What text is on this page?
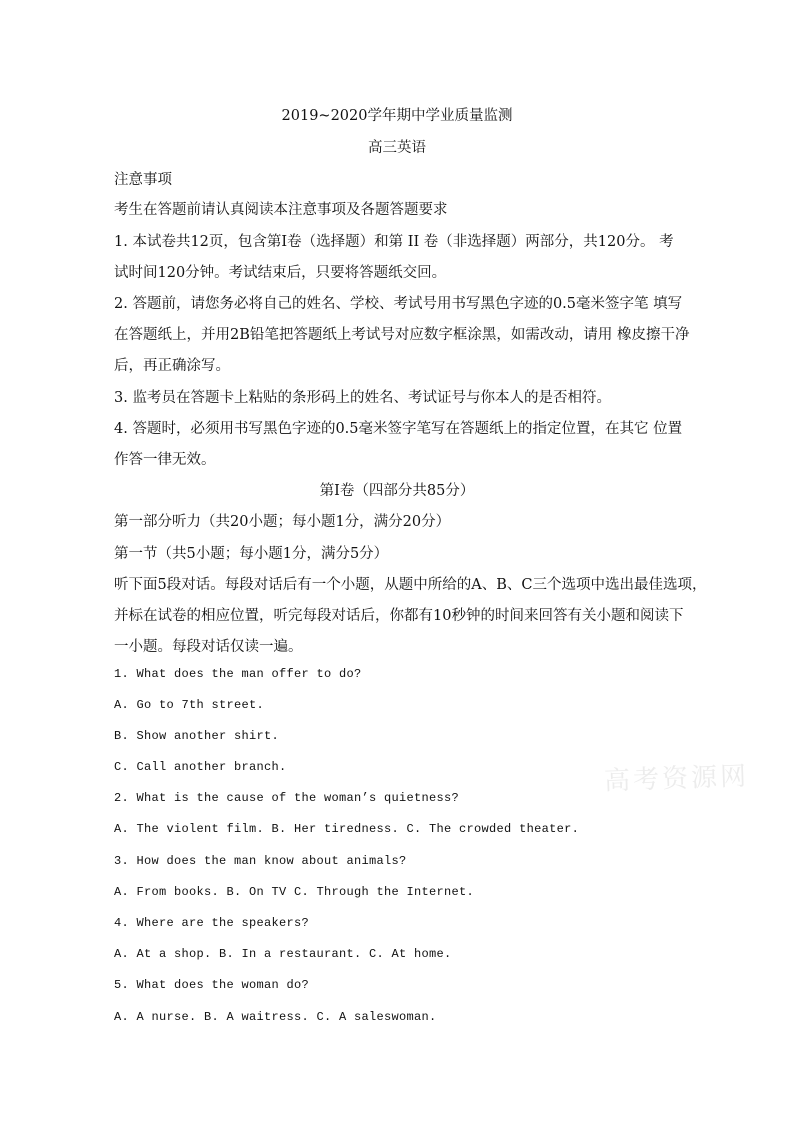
2019~2020学年期中学业质量监测
高三英语
注意事项
考生在答题前请认真阅读本注意事项及各题答题要求
1. 本试卷共12页，包含第Ⅰ卷（选择题）和第 II 卷（非选择题）两部分，共120分。 考
试时间120分钟。考试结束后，只要将答题纸交回。
2. 答题前，请您务必将自己的姓名、学校、考试号用书写黑色字迹的0.5毫米签字笔 填写
在答题纸上，并用2B铅笔把答题纸上考试号对应数字框涂黑，如需改动，请用 橡皮擦干净
后，再正确涂写。
3. 监考员在答题卡上粘贴的条形码上的姓名、考试证号与你本人的是否相符。
4. 答题时，必须用书写黑色字迹的0.5毫米签字笔写在答题纸上的指定位置，在其它 位置
作答一律无效。
第Ⅰ卷（四部分共85分）
第一部分听力（共20小题；每小题1分，满分20分）
第一节（共5小题；每小题1分，满分5分）
听下面5段对话。每段对话后有一个小题，从题中所给的A、B、C三个选项中选出最佳选项，
并标在试卷的相应位置，听完每段对话后，你都有10秒钟的时间来回答有关小题和阅读下
一小题。每段对话仅读一遍。
1. What does the man offer to do?
A. Go to 7th street.
B. Show another shirt.
C. Call another branch.
2. What is the cause of the woman’s quietness?
A. The violent film. B. Her tiredness. C. The crowded theater.
3. How does the man know about animals?
A. From books. B. On TV C. Through the Internet.
4. Where are the speakers?
A. At a shop. B. In a restaurant. C. At home.
5. What does the woman do?
A. A nurse. B. A waitress. C. A saleswoman.
高考资源网
